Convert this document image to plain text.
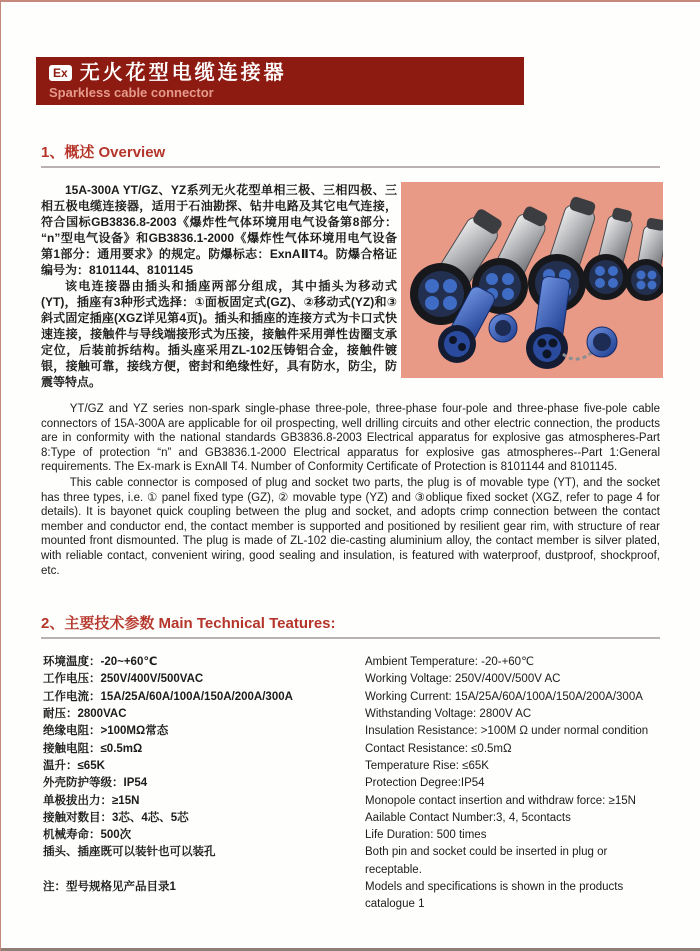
Ex 无火花型电缆连接器
Sparkless cable connector
1、概述 Overview

15A-300A YT/GZ、YZ系列无火花型单相三极、三相四极、三相五极电缆连接器，适用于石油勘探、钻井电路及其它电气连接，符合国标GB3836.8-2003《爆炸性气体环境用电气设备第8部分：“n”型电气设备》和GB3836.1-2000《爆炸性气体环境用电气设备第1部分：通用要求》的规定。防爆标志：ExnAⅡT4。防爆合格证编号为：8101144、8101145

该电连接器由插头和插座两部分组成，其中插头为移动式(YT)，插座有3种形式选择：①面板固定式(GZ)、②移动式(YZ)和③斜式固定插座(XGZ详见第4页)。插头和插座的连接方式为卡口式快速连接，接触件与导线端接形式为压接，接触件采用弹性齿圈支承定位，后装前拆结构。插头座采用ZL-102压铸铝合金，接触件镀银，接触可靠，接线方便，密封和绝缘性好，具有防水，防尘，防震等特点。

YT/GZ and YZ series non-spark single-phase three-pole, three-phase four-pole and three-phase five-pole cable connectors of 15A-300A are applicable for oil prospecting, well drilling circuits and other electric connection, the products are in conformity with the national standards GB3836.8-2003 Electrical apparatus for explosive gas atmospheres-Part 8:Type of protection “n” and GB3836.1-2000 Electrical apparatus for explosive gas atmospheres--Part 1:General requirements. The Ex-mark is ExnAⅡ T4. Number of Conformity Certificate of Protection is 8101144 and 8101145.

This cable connector is composed of plug and socket two parts, the plug is of movable type (YT), and the socket has three types, i.e. ① panel fixed type (GZ), ② movable type (YZ) and ③oblique fixed socket (XGZ, refer to page 4 for details). It is bayonet quick coupling between the plug and socket, and adopts crimp connection between the contact member and conductor end, the contact member is supported and positioned by resilient gear rim, with structure of rear mounted front dismounted. The plug is made of ZL-102 die-casting aluminium alloy, the contact member is silver plated, with reliable contact, convenient wiring, good sealing and insulation, is featured with waterproof, dustproof, shockproof, etc.

2、主要技术参数 Main Technical Teatures:
环境温度：-20~+60℃	Ambient Temperature: -20-+60℃
工作电压：250V/400V/500VAC	Working Voltage: 250V/400V/500V AC
工作电流：15A/25A/60A/100A/150A/200A/300A	Working Current: 15A/25A/60A/100A/150A/200A/300A
耐压：2800VAC	Withstanding Voltage: 2800V AC
绝缘电阻：>100MΩ常态	Insulation Resistance: >100M Ω under normal condition
接触电阻：≤0.5mΩ	Contact Resistance: ≤0.5mΩ
温升：≤65K	Temperature Rise: ≤65K
外壳防护等级：IP54	Protection Degree:IP54
单极拔出力：≥15N	Monopole contact insertion and withdraw force: ≥15N
接触对数目：3芯、4芯、5芯	Aailable Contact Number:3, 4, 5contacts
机械寿命：500次	Life Duration: 500 times
插头、插座既可以装针也可以装孔	Both pin and socket could be inserted in plug or receptable.
注：型号规格见产品目录1	Models and specifications is shown in the products catalogue 1
